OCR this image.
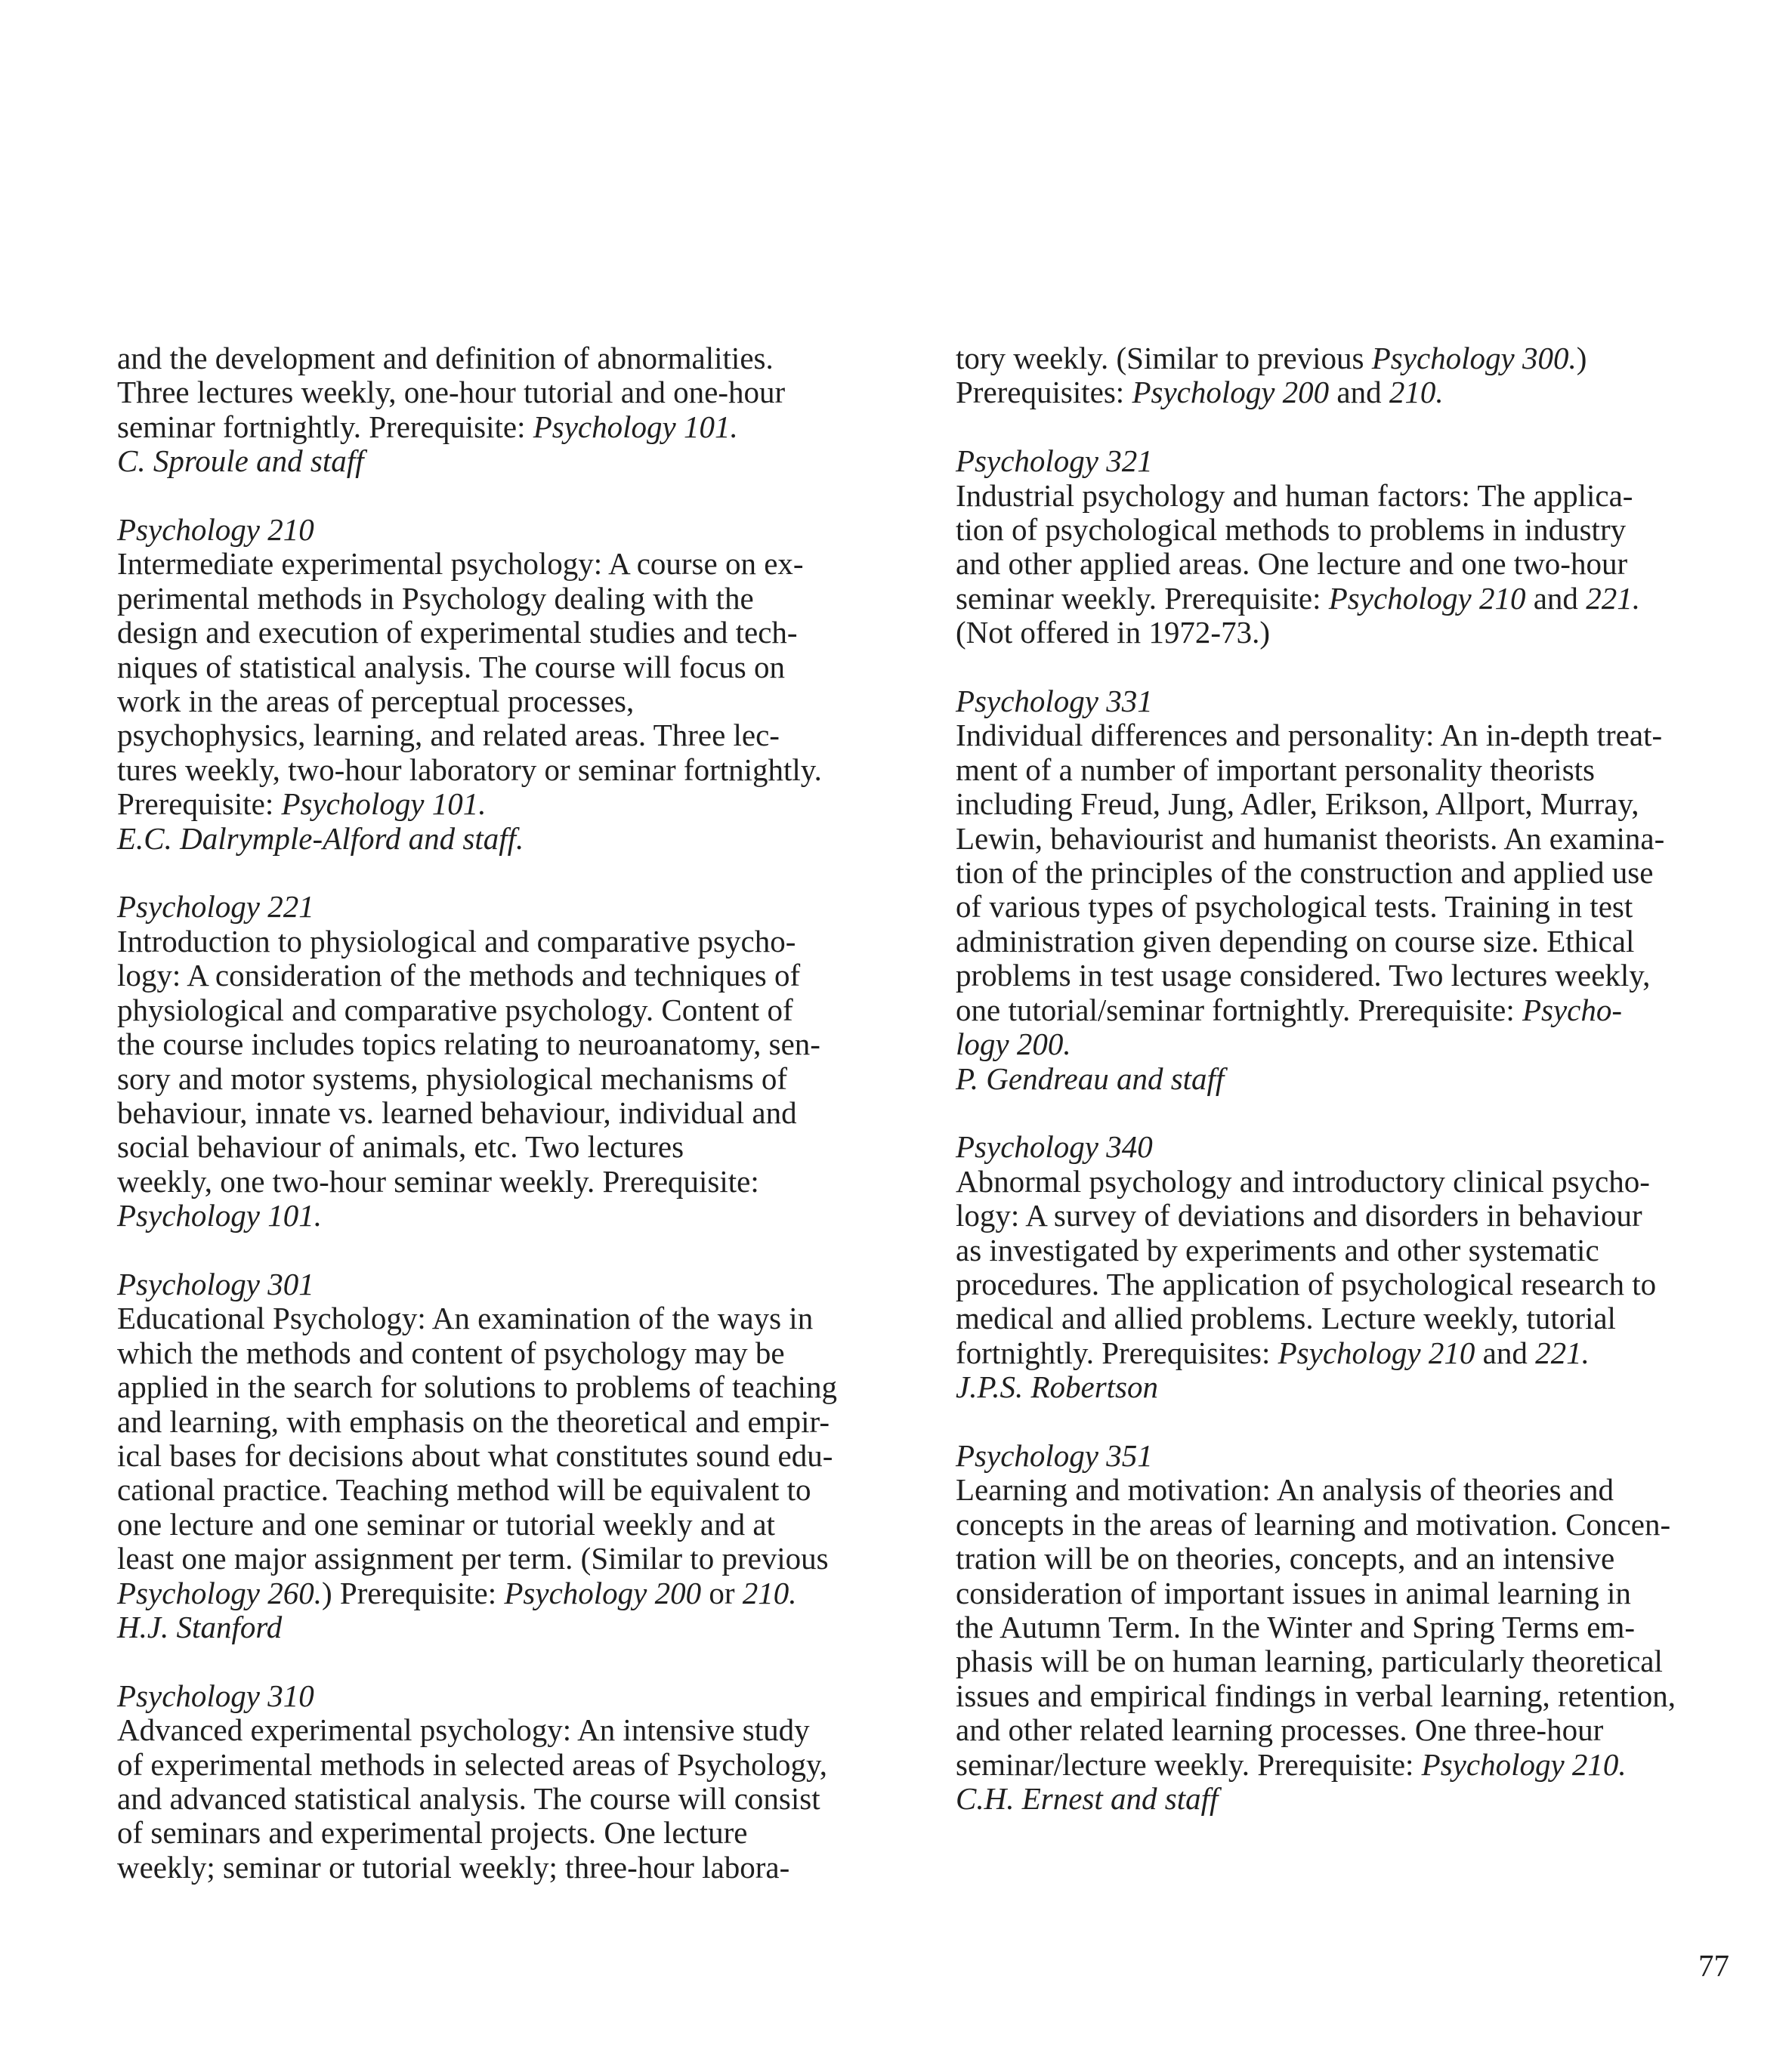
and the development and definition of abnormalities.
Three lectures weekly, one-hour tutorial and one-hour
seminar fortnightly. Prerequisite: Psychology 101.
C. Sproule and staff
Psychology 210
Intermediate experimental psychology: A course on ex-
perimental methods in Psychology dealing with the
design and execution of experimental studies and tech-
niques of statistical analysis. The course will focus on
work in the areas of perceptual processes,
psychophysics, learning, and related areas. Three lec-
tures weekly, two-hour laboratory or seminar fortnightly.
Prerequisite: Psychology 101.
E.C. Dalrymple-Alford and staff.
Psychology 221
Introduction to physiological and comparative psycho-
logy: A consideration of the methods and techniques of
physiological and comparative psychology. Content of
the course includes topics relating to neuroanatomy, sen-
sory and motor systems, physiological mechanisms of
behaviour, innate vs. learned behaviour, individual and
social behaviour of animals, etc. Two lectures
weekly, one two-hour seminar weekly. Prerequisite:
Psychology 101.
Psychology 301
Educational Psychology: An examination of the ways in
which the methods and content of psychology may be
applied in the search for solutions to problems of teaching
and learning, with emphasis on the theoretical and empir-
ical bases for decisions about what constitutes sound edu-
cational practice. Teaching method will be equivalent to
one lecture and one seminar or tutorial weekly and at
least one major assignment per term. (Similar to previous
Psychology 260.) Prerequisite: Psychology 200 or 210.
H.J. Stanford
Psychology 310
Advanced experimental psychology: An intensive study
of experimental methods in selected areas of Psychology,
and advanced statistical analysis. The course will consist
of seminars and experimental projects. One lecture
weekly; seminar or tutorial weekly; three-hour labora-
tory weekly. (Similar to previous Psychology 300.)
Prerequisites: Psychology 200 and 210.
Psychology 321
Industrial psychology and human factors: The applica-
tion of psychological methods to problems in industry
and other applied areas. One lecture and one two-hour
seminar weekly. Prerequisite: Psychology 210 and 221.
(Not offered in 1972-73.)
Psychology 331
Individual differences and personality: An in-depth treat-
ment of a number of important personality theorists
including Freud, Jung, Adler, Erikson, Allport, Murray,
Lewin, behaviourist and humanist theorists. An examina-
tion of the principles of the construction and applied use
of various types of psychological tests. Training in test
administration given depending on course size. Ethical
problems in test usage considered. Two lectures weekly,
one tutorial/seminar fortnightly. Prerequisite: Psycho-
logy 200.
P. Gendreau and staff
Psychology 340
Abnormal psychology and introductory clinical psycho-
logy: A survey of deviations and disorders in behaviour
as investigated by experiments and other systematic
procedures. The application of psychological research to
medical and allied problems. Lecture weekly, tutorial
fortnightly. Prerequisites: Psychology 210 and 221.
J.P.S. Robertson
Psychology 351
Learning and motivation: An analysis of theories and
concepts in the areas of learning and motivation. Concen-
tration will be on theories, concepts, and an intensive
consideration of important issues in animal learning in
the Autumn Term. In the Winter and Spring Terms em-
phasis will be on human learning, particularly theoretical
issues and empirical findings in verbal learning, retention,
and other related learning processes. One three-hour
seminar/lecture weekly. Prerequisite: Psychology 210.
C.H. Ernest and staff
77
